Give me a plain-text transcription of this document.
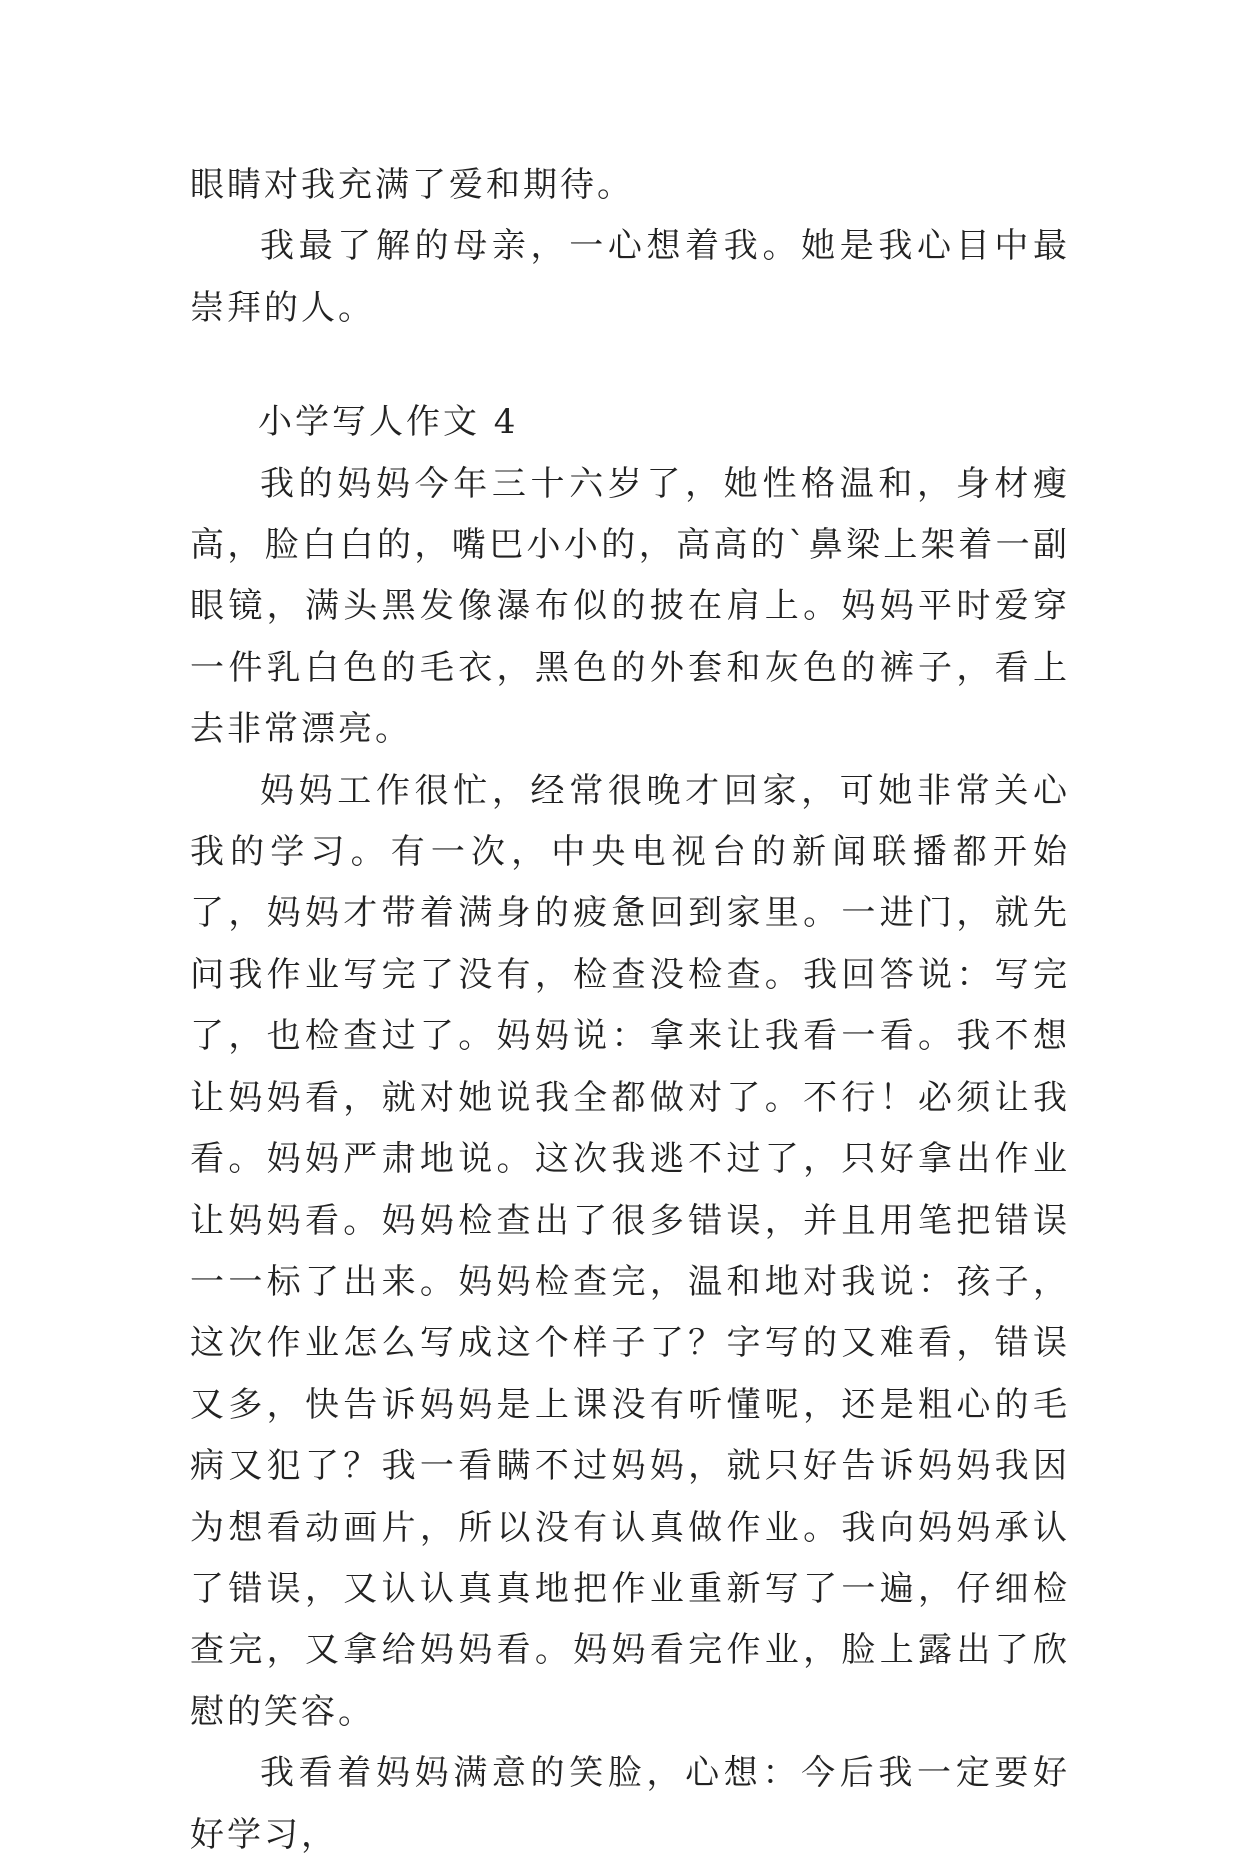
眼睛对我充满了爱和期待。

我最了解的母亲，一心想着我。她是我心目中最崇拜的人。

小学写人作文 4

我的妈妈今年三十六岁了，她性格温和，身材瘦高，脸白白的，嘴巴小小的，高高的`鼻梁上架着一副眼镜，满头黑发像瀑布似的披在肩上。妈妈平时爱穿一件乳白色的毛衣，黑色的外套和灰色的裤子，看上去非常漂亮。

妈妈工作很忙，经常很晚才回家，可她非常关心我的学习。有一次，中央电视台的新闻联播都开始了，妈妈才带着满身的疲惫回到家里。一进门，就先问我作业写完了没有，检查没检查。我回答说：写完了，也检查过了。妈妈说：拿来让我看一看。我不想让妈妈看，就对她说我全都做对了。不行！必须让我看。妈妈严肃地说。这次我逃不过了，只好拿出作业让妈妈看。妈妈检查出了很多错误，并且用笔把错误一一标了出来。妈妈检查完，温和地对我说：孩子，这次作业怎么写成这个样子了？字写的又难看，错误又多，快告诉妈妈是上课没有听懂呢，还是粗心的毛病又犯了？我一看瞒不过妈妈，就只好告诉妈妈我因为想看动画片，所以没有认真做作业。我向妈妈承认了错误，又认认真真地把作业重新写了一遍，仔细检查完，又拿给妈妈看。妈妈看完作业，脸上露出了欣慰的笑容。

我看着妈妈满意的笑脸，心想：今后我一定要好好学习，
